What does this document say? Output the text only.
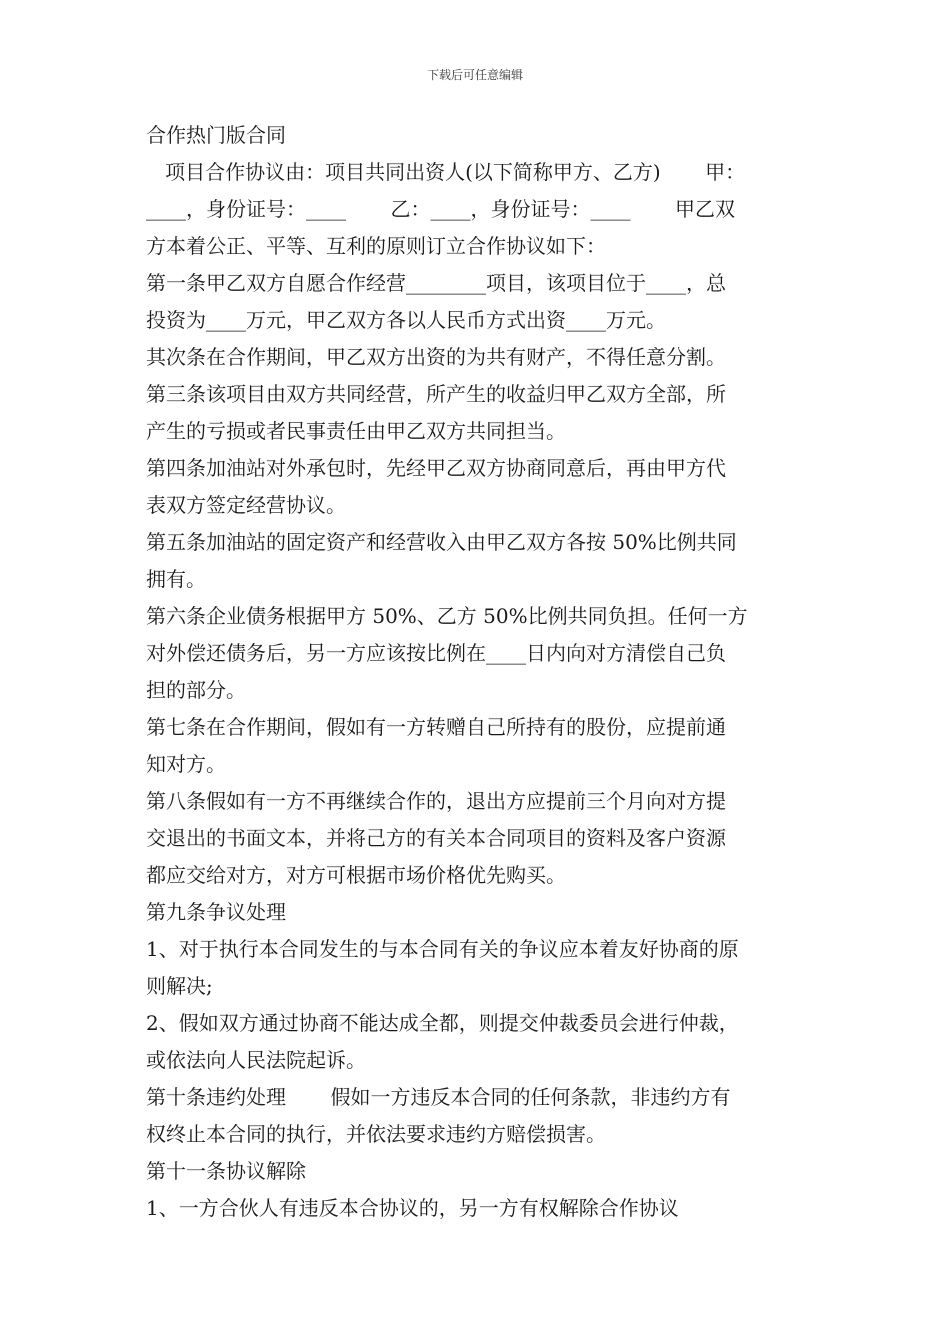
下载后可任意编辑
合作热门版合同
项目合作协议由：项目共同出资人(以下简称甲方、乙方)       甲：
____，身份证号：____       乙：____，身份证号：____       甲乙双
方本着公正、平等、互利的原则订立合作协议如下：
第一条甲乙双方自愿合作经营________项目，该项目位于____，总
投资为____万元，甲乙双方各以人民币方式出资____万元。
其次条在合作期间，甲乙双方出资的为共有财产，不得任意分割。
第三条该项目由双方共同经营，所产生的收益归甲乙双方全部，所
产生的亏损或者民事责任由甲乙双方共同担当。
第四条加油站对外承包时，先经甲乙双方协商同意后，再由甲方代
表双方签定经营协议。
第五条加油站的固定资产和经营收入由甲乙双方各按 50%比例共同
拥有。
第六条企业债务根据甲方 50%、乙方 50%比例共同负担。任何一方
对外偿还债务后，另一方应该按比例在____日内向对方清偿自己负
担的部分。
第七条在合作期间，假如有一方转赠自己所持有的股份，应提前通
知对方。
第八条假如有一方不再继续合作的，退出方应提前三个月向对方提
交退出的书面文本，并将己方的有关本合同项目的资料及客户资源
都应交给对方，对方可根据市场价格优先购买。
第九条争议处理
1、对于执行本合同发生的与本合同有关的争议应本着友好协商的原
则解决;
2、假如双方通过协商不能达成全都，则提交仲裁委员会进行仲裁，
或依法向人民法院起诉。
第十条违约处理       假如一方违反本合同的任何条款，非违约方有
权终止本合同的执行，并依法要求违约方赔偿损害。
第十一条协议解除
1、一方合伙人有违反本合协议的，另一方有权解除合作协议
